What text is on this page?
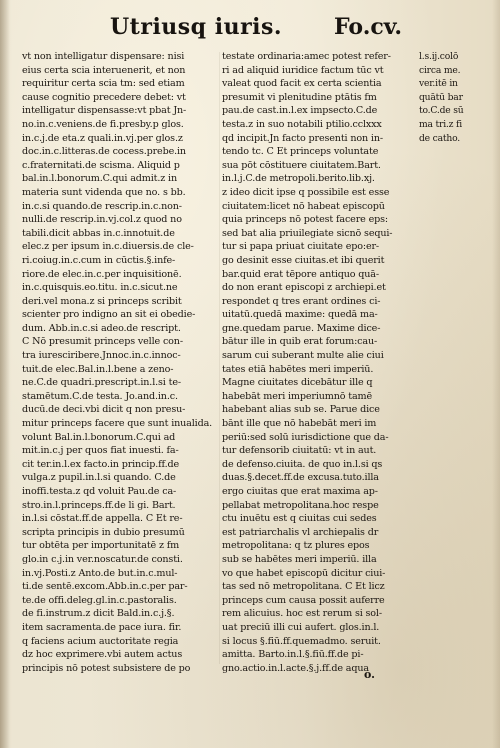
Utriusq iuris. Fo.cv.
vt non intelligatur dispensare: nisi
eius certa scia interuenerit, et non
requiritur certa scia tm: sed etiam
cause cognitio precedere debet: vt
intelligatur dispensasse:vt pbat Jn-
no.in.c.veniens.de fi.presby.p glos.
in.c.j.de eta.z quali.in.vj.per glos.z
doc.in.c.litteras.de cocess.prebe.in
c.fraternitati.de scisma. Aliquid p
bal.in.l.bonorum.C.qui admit.z in
materia sunt videnda que no. s bb.
in.c.si quando.de rescrip.in.c.non-
nulli.de rescrip.in.vj.col.z quod no
tabili.dicit abbas in.c.innotuit.de
elec.z per ipsum in.c.diuersis.de cle-
ri.coiug.in.c.cum in cūctis.§.infe-
riore.de elec.in.c.per inquisitionē.
in.c.quisquis.eo.titu. in.c.sicut.ne
deri.vel mona.z si princeps scribit
scienter pro indigno an sit ei obedie-
dum. Abb.in.c.si adeo.de rescript.
C Nō presumit princeps velle con-
tra iuresciribere.Jnnoc.in.c.innoc-
tuit.de elec.Bal.in.l.bene a zeno-
ne.C.de quadri.prescript.in.l.si te-
stamētum.C.de testa. Jo.and.in.c.
ducū.de deci.vbi dicit q non presu-
mitur princeps facere que sunt inualida.
volunt Bal.in.l.bonorum.C.qui ad
mit.in.c.j per quos fiat inuesti. fa-
cit ter.in.l.ex facto.in princip.ff.de
vulga.z pupil.in.l.si quando. C.de
inoffi.testa.z qd voluit Pau.de ca-
stro.in.l.princeps.ff.de li gi. Bart.
in.l.si cōstat.ff.de appella. C Et re-
scripta principis in dubio presumū
tur obtēta per importunitatē z fm
glo.in c.j.in ver.noscatur.de consti.
in.vj.Posti.z Anto.de but.in.c.mul-
ti.de sentē.excom.Abb.in.c.per par-
te.de offi.deleg.gl.in.c.pastoralis.
de fi.instrum.z dicit Bald.in.c.j.§.
item sacramenta.de pace iura. fir.
q faciens acium auctoritate regia
dz hoc exprimere.vbi autem actus
principis nō potest subsistere de po
testate ordinaria:amec potest refer-
ri ad aliquid iuridice factum tūc vt
valeat quod facit ex certa scientia
presumit vi plenitudine ptātis fm
pau.de cast.in.l.ex impsecto.C.de
testa.z in suo notabili ptilio.cclxxx
qd incipit.Jn facto presenti non in-
tendo tc. C Et princeps voluntate
sua pōt cōstituere ciuitatem.Bart.
in.l.j.C.de metropoli.berito.lib.xj.
z ideo dicit ipse q possibile est esse
ciuitatem:licet nō habeat episcopū
quia princeps nō potest facere eps:
sed bat alia priuilegiate sicnō sequi-
tur si papa priuat ciuitate epo:er-
go desinit esse ciuitas.et ibi querit
bar.quid erat tēpore antiquo quā-
do non erant episcopi z archiepi.et
respondet q tres erant ordines ci-
uitatū.quedā maxime: quedā ma-
gne.quedam parue. Maxime dice-
bātur ille in quib erat forum:cau-
sarum cui suberant multe alie ciui
tates etiā habētes meri imperiū.
Magne ciuitates dicebātur ille q
habebāt meri imperiumnō tamē
habebant alias sub se. Parue dice
bānt ille que nō habebāt meri im
periū:sed solū iurisdictione que da-
tur defensorib ciuitatū: vt in aut.
de defenso.ciuita. de quo in.l.si qs
duas.§.decet.ff.de excusa.tuto.illa
ergo ciuitas que erat maxima ap-
pellabat metropolitana.hoc respe
ctu inuētu est q ciuitas cui sedes
est patriarchalis vl archiepalis dr
metropolitana: q tz plures epos
sub se habētes meri imperiū. illa
vo que habet episcopū dicitur ciui-
tas sed nō metropolitana. C Et licz
princeps cum causa possit auferre
rem alicuius. hoc est rerum si sol-
uat preciū illi cui aufert. glos.in.l.
si locus §.fiū.ff.quemadmo. seruit.
amitta. Barto.in.l.§.fiū.ff.de pi-
gno.actio.in.l.acte.§.j.ff.de aqua
l.s.ij.colō
circa me.
ver.itē in
quātū bar
to.C.de sū
ma tri.z fi
de catho.
o.
